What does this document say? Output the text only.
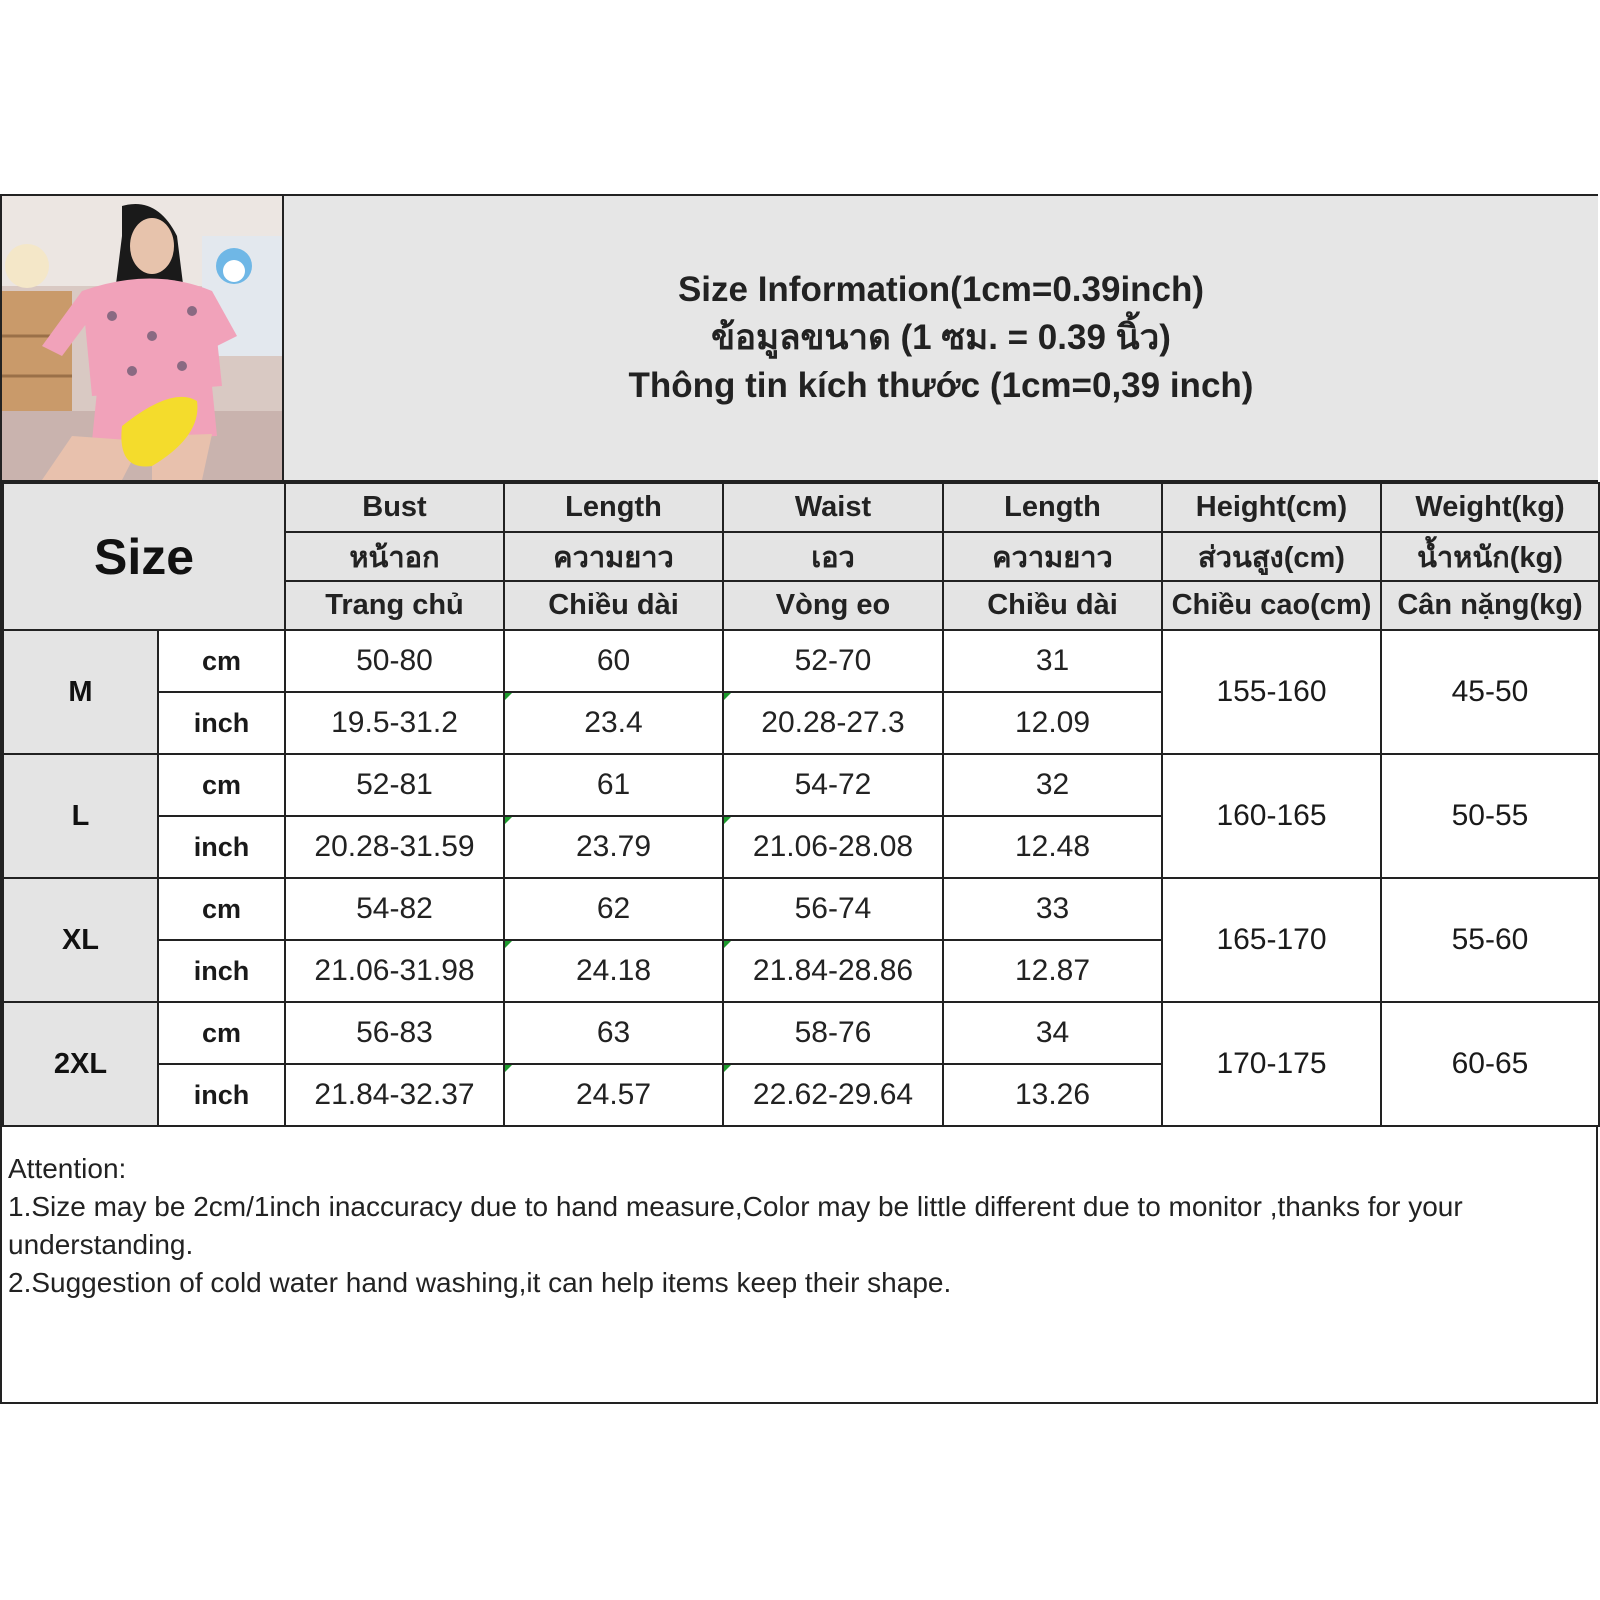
Size Information(1cm=0.39inch)
ข้อมูลขนาด (1 ซม. = 0.39 นิ้ว)
Thông tin kích thước (1cm=0,39 inch)
Size		Bust	Length	Waist	Length	Height(cm)	Weight(kg)
		หน้าอก	ความยาว	เอว	ความยาว	ส่วนสูง(cm)	น้ำหนัก(kg)
		Trang chủ	Chiều dài	Vòng eo	Chiều dài	Chiều cao(cm)	Cân nặng(kg)
M	cm	50-80	60	52-70	31	155-160	45-50
	inch	19.5-31.2	23.4	20.28-27.3	12.09		
L	cm	52-81	61	54-72	32	160-165	50-55
	inch	20.28-31.59	23.79	21.06-28.08	12.48		
XL	cm	54-82	62	56-74	33	165-170	55-60
	inch	21.06-31.98	24.18	21.84-28.86	12.87		
2XL	cm	56-83	63	58-76	34	170-175	60-65
	inch	21.84-32.37	24.57	22.62-29.64	13.26		

Attention:

1.Size may be 2cm/1inch inaccuracy due to hand measure,Color may be little different due to monitor ,thanks for your understanding.

2.Suggestion of cold water hand washing,it can help items keep their shape.
